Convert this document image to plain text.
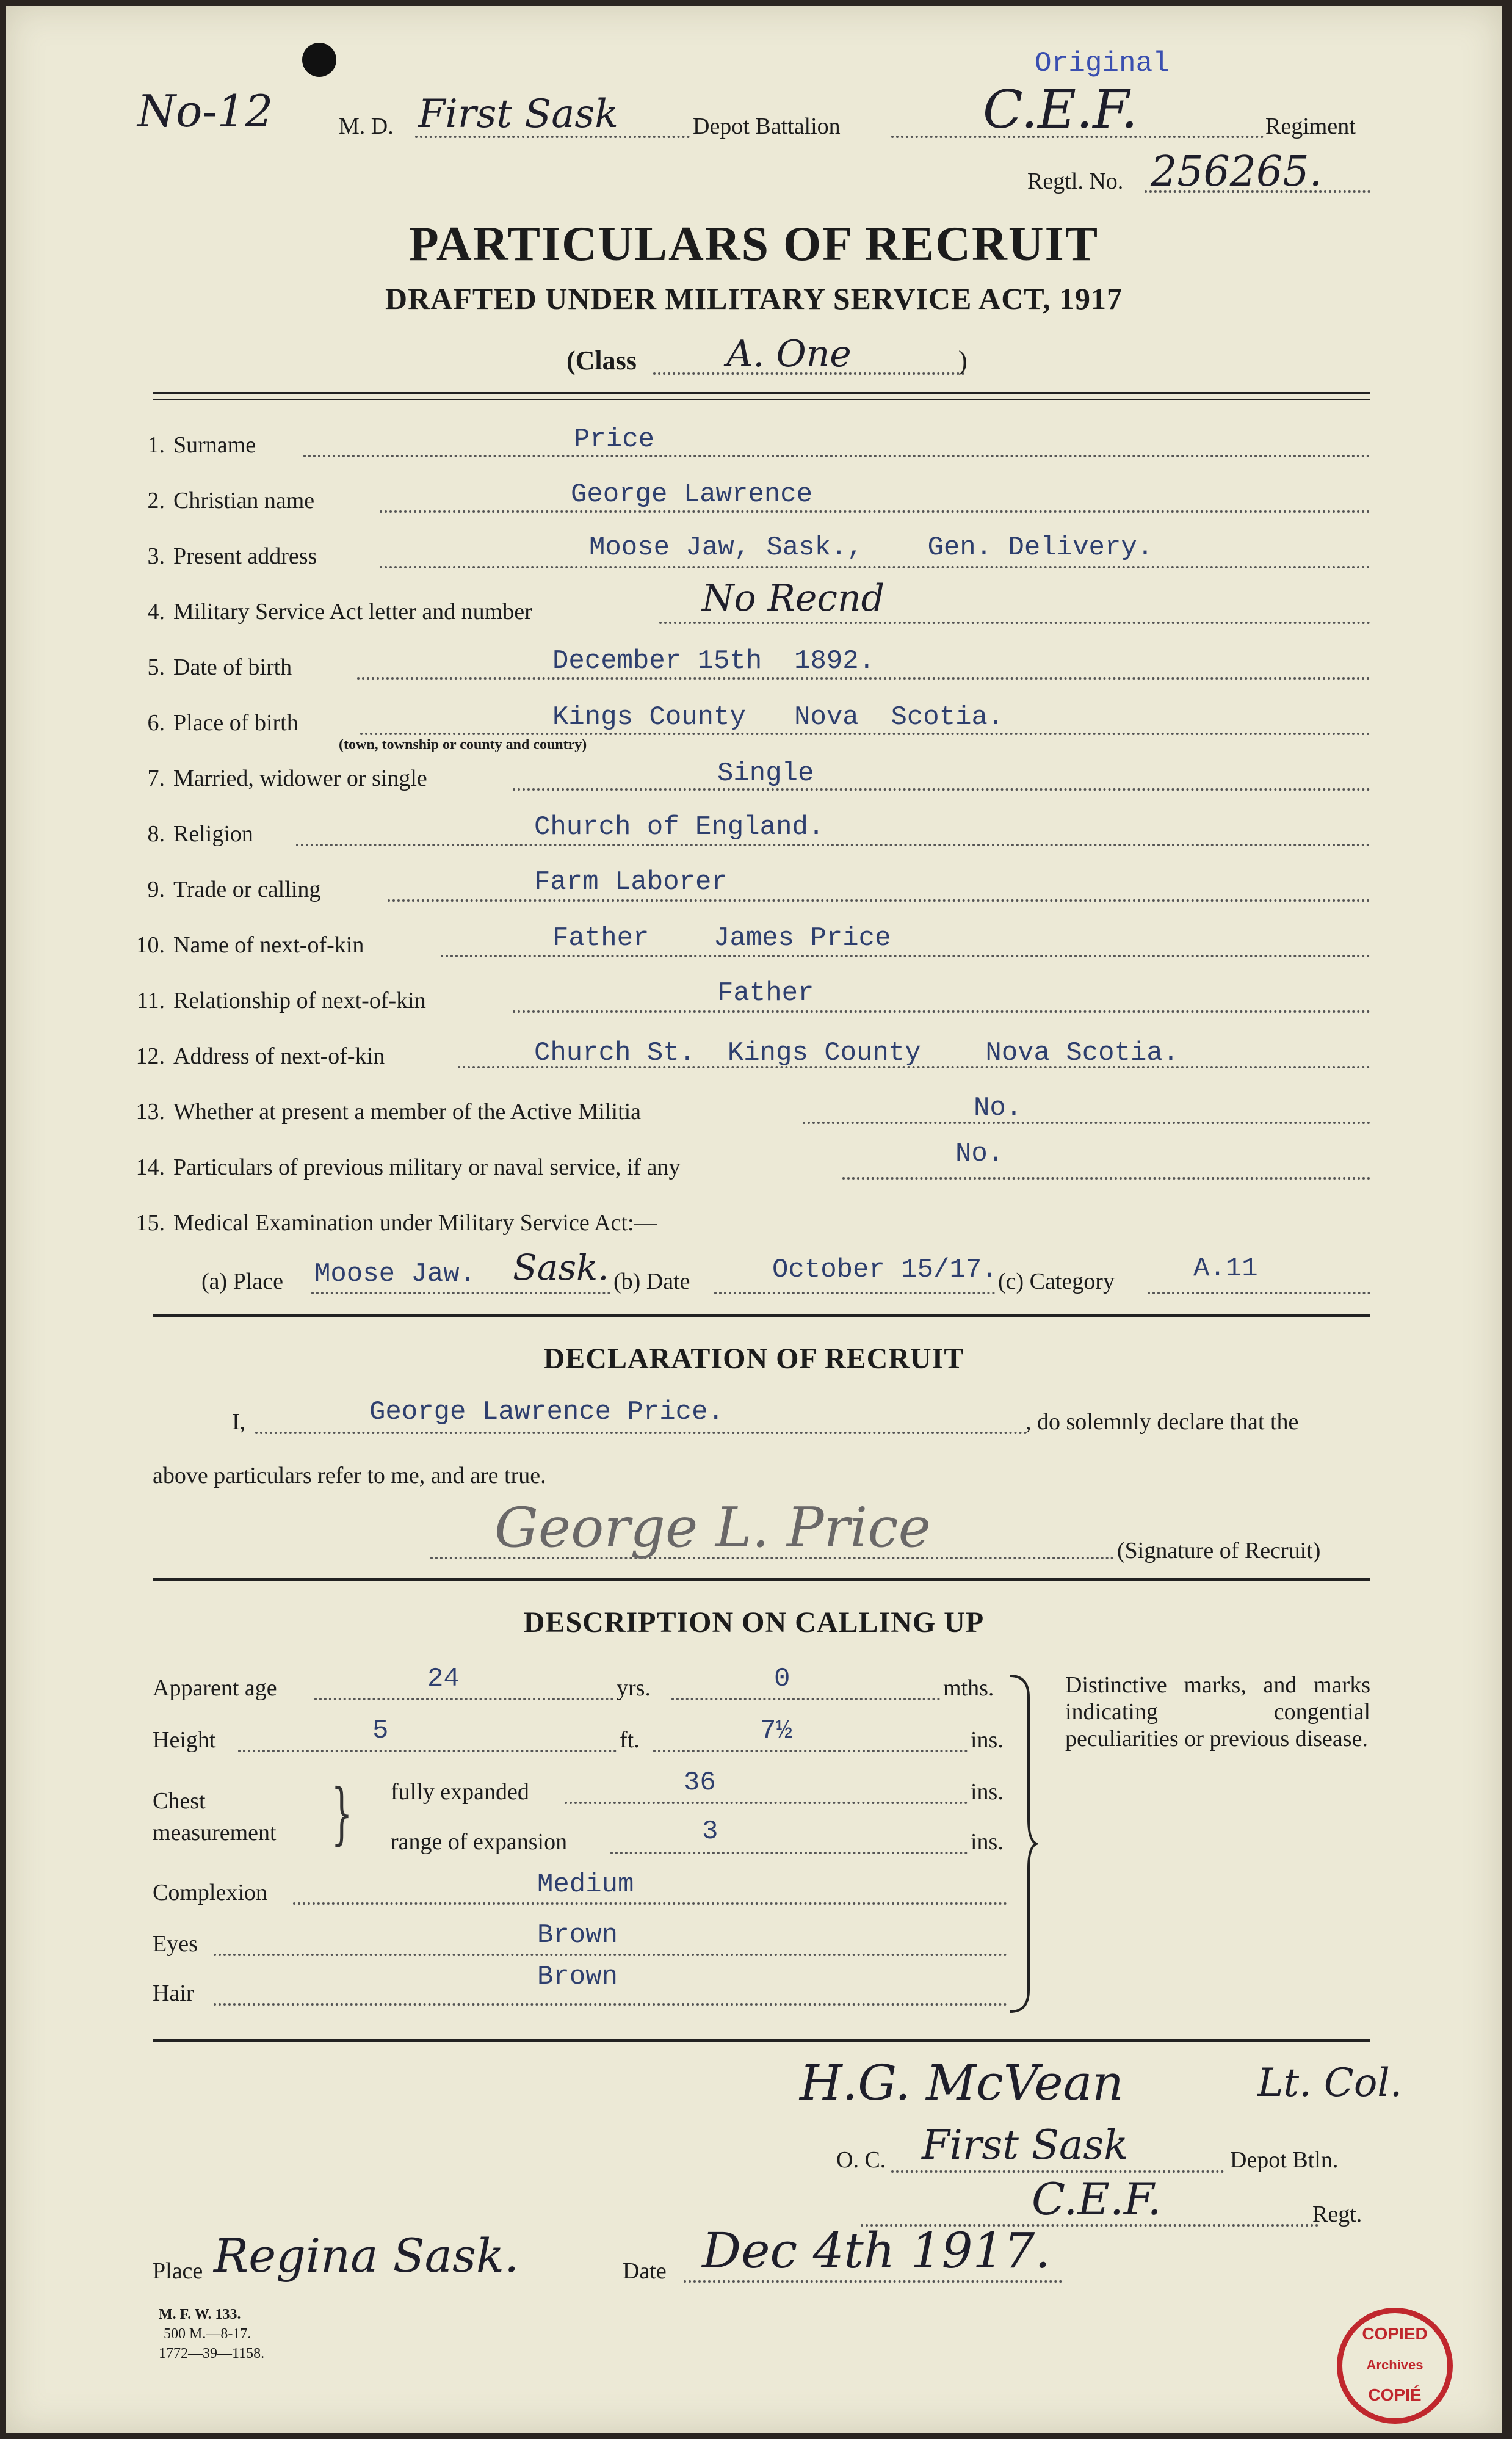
No-12	M. D. First Sask	Depot Battalion
Original
C.E.F.	Regiment
Regtl. No. 256265.
PARTICULARS OF RECRUIT
DRAFTED UNDER MILITARY SERVICE ACT, 1917
(Class A. One	)
1. Surname	Price
2. Christian name	George Lawrence
3. Present address	Moose Jaw, Sask.,    Gen. Delivery.
4. Military Service Act letter and number	No Recnd
5. Date of birth	December 15th  1892.
6. Place of birth	Kings County   Nova  Scotia.
(town, township or county and country)
7. Married, widower or single	Single
8. Religion	Church of England.
9. Trade or calling	Farm Laborer
10. Name of next-of-kin	Father    James Price
11. Relationship of next-of-kin	Father
12. Address of next-of-kin	Church St.  Kings County    Nova Scotia.
13. Whether at present a member of the Active Militia	No.
14. Particulars of previous military or naval service, if any	No.
15. Medical Examination under Military Service Act:—
(a) Place Moose Jaw. Sask. (b) Date	October 15/17. (c) Category	A.11
DECLARATION OF RECRUIT
I,	George Lawrence Price.	, do solemnly declare that the
above particulars refer to me, and are true.
George L. Price	(Signature of Recruit)
DESCRIPTION ON CALLING UP
Apparent age	24	yrs.	0	mths.
Height	5	ft.	7½	ins.
Chest
measurement } fully expanded	36	ins.
range of expansion	3	ins.
Complexion	Medium
Eyes	Brown
Hair
Brown
Distinctive marks, and marks indicating congential peculiarities or previous disease.
H.G. McVean	Lt. Col.
O. C. First Sask	Depot Btln.
C.E.F.	Regt.
Place Regina Sask.	Date Dec 4th 1917.
M. F. W. 133.
500 M.—8-17.
1772—39—1158.
COPIED
Archives
COPIÉ
